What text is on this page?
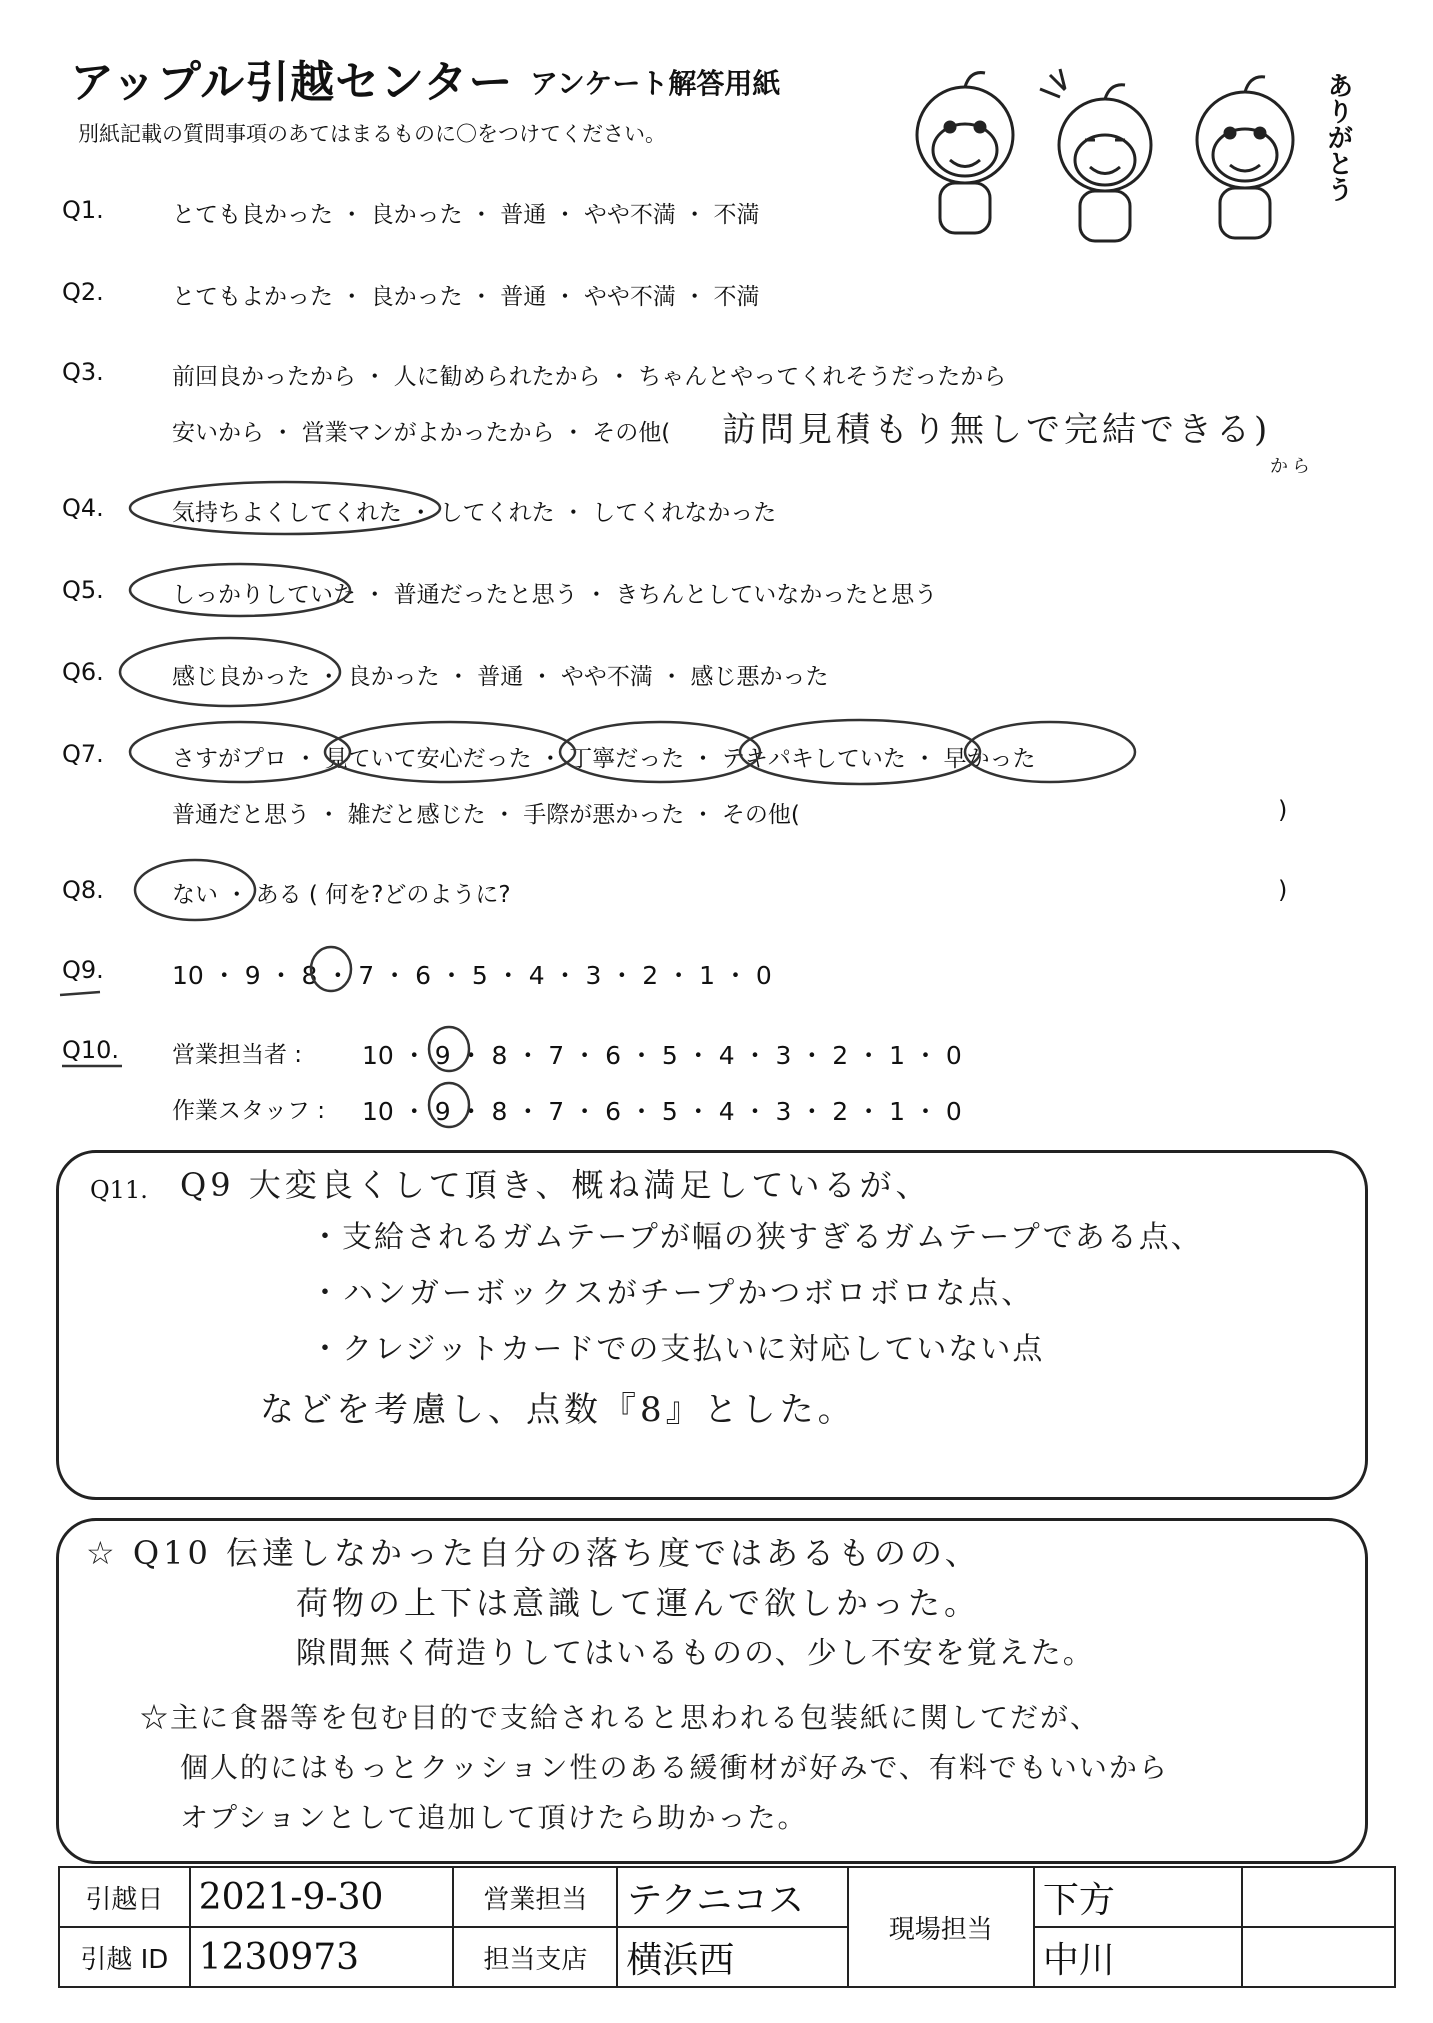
アップル引越センター アンケート解答用紙
別紙記載の質問事項のあてはまるものに〇をつけてください。	ありがとう
Q1.	とても良かった ・ 良かった ・ 普通 ・ やや不満 ・ 不満
Q2.	とてもよかった ・ 良かった ・ 普通 ・ やや不満 ・ 不満
Q3.	前回良かったから ・ 人に勧められたから ・ ちゃんとやってくれそうだったから
安いから ・ 営業マンがよかったから ・ その他( 訪問見積もり無しで完結できる)
から
Q4.	気持ちよくしてくれた ・ してくれた ・ してくれなかった
Q5.	しっかりしていた ・ 普通だったと思う ・ きちんとしていなかったと思う
Q6.	感じ良かった ・ 良かった ・ 普通 ・ やや不満 ・ 感じ悪かった
Q7.	さすがプロ ・ 見ていて安心だった ・ 丁寧だった ・ テキパキしていた ・ 早かった
普通だと思う ・ 雑だと感じた ・ 手際が悪かった ・ その他(	)
Q8.	ない ・ ある ( 何を?どのように?	)
Q9.	10 ・ 9 ・ 8 ・ 7 ・ 6 ・ 5 ・ 4 ・ 3 ・ 2 ・ 1 ・ 0
Q10. 営業担当者 : 10 ・ 9 ・ 8 ・ 7 ・ 6 ・ 5 ・ 4 ・ 3 ・ 2 ・ 1 ・ 0
作業スタッフ : 10 ・ 9 ・ 8 ・ 7 ・ 6 ・ 5 ・ 4 ・ 3 ・ 2 ・ 1 ・ 0
Q11. Q9 大変良くして頂き、概ね満足しているが、
・支給されるガムテープが幅の狭すぎるガムテープである点、
・ハンガーボックスがチープかつボロボロな点、
・クレジットカードでの支払いに対応していない点
などを考慮し、点数『8』とした。
☆ Q10 伝達しなかった自分の落ち度ではあるものの、
荷物の上下は意識して運んで欲しかった。
隙間無く荷造りしてはいるものの、少し不安を覚えた。
☆主に食器等を包む目的で支給されると思われる包装紙に関してだが、
個人的にはもっとクッション性のある緩衝材が好みで、有料でもいいから
オプションとして追加して頂けたら助かった。
引越日	2021-9-30	営業担当	テクニコス	現場担当	下方	
引越 ID	1230973	担当支店	横浜西		中川	
